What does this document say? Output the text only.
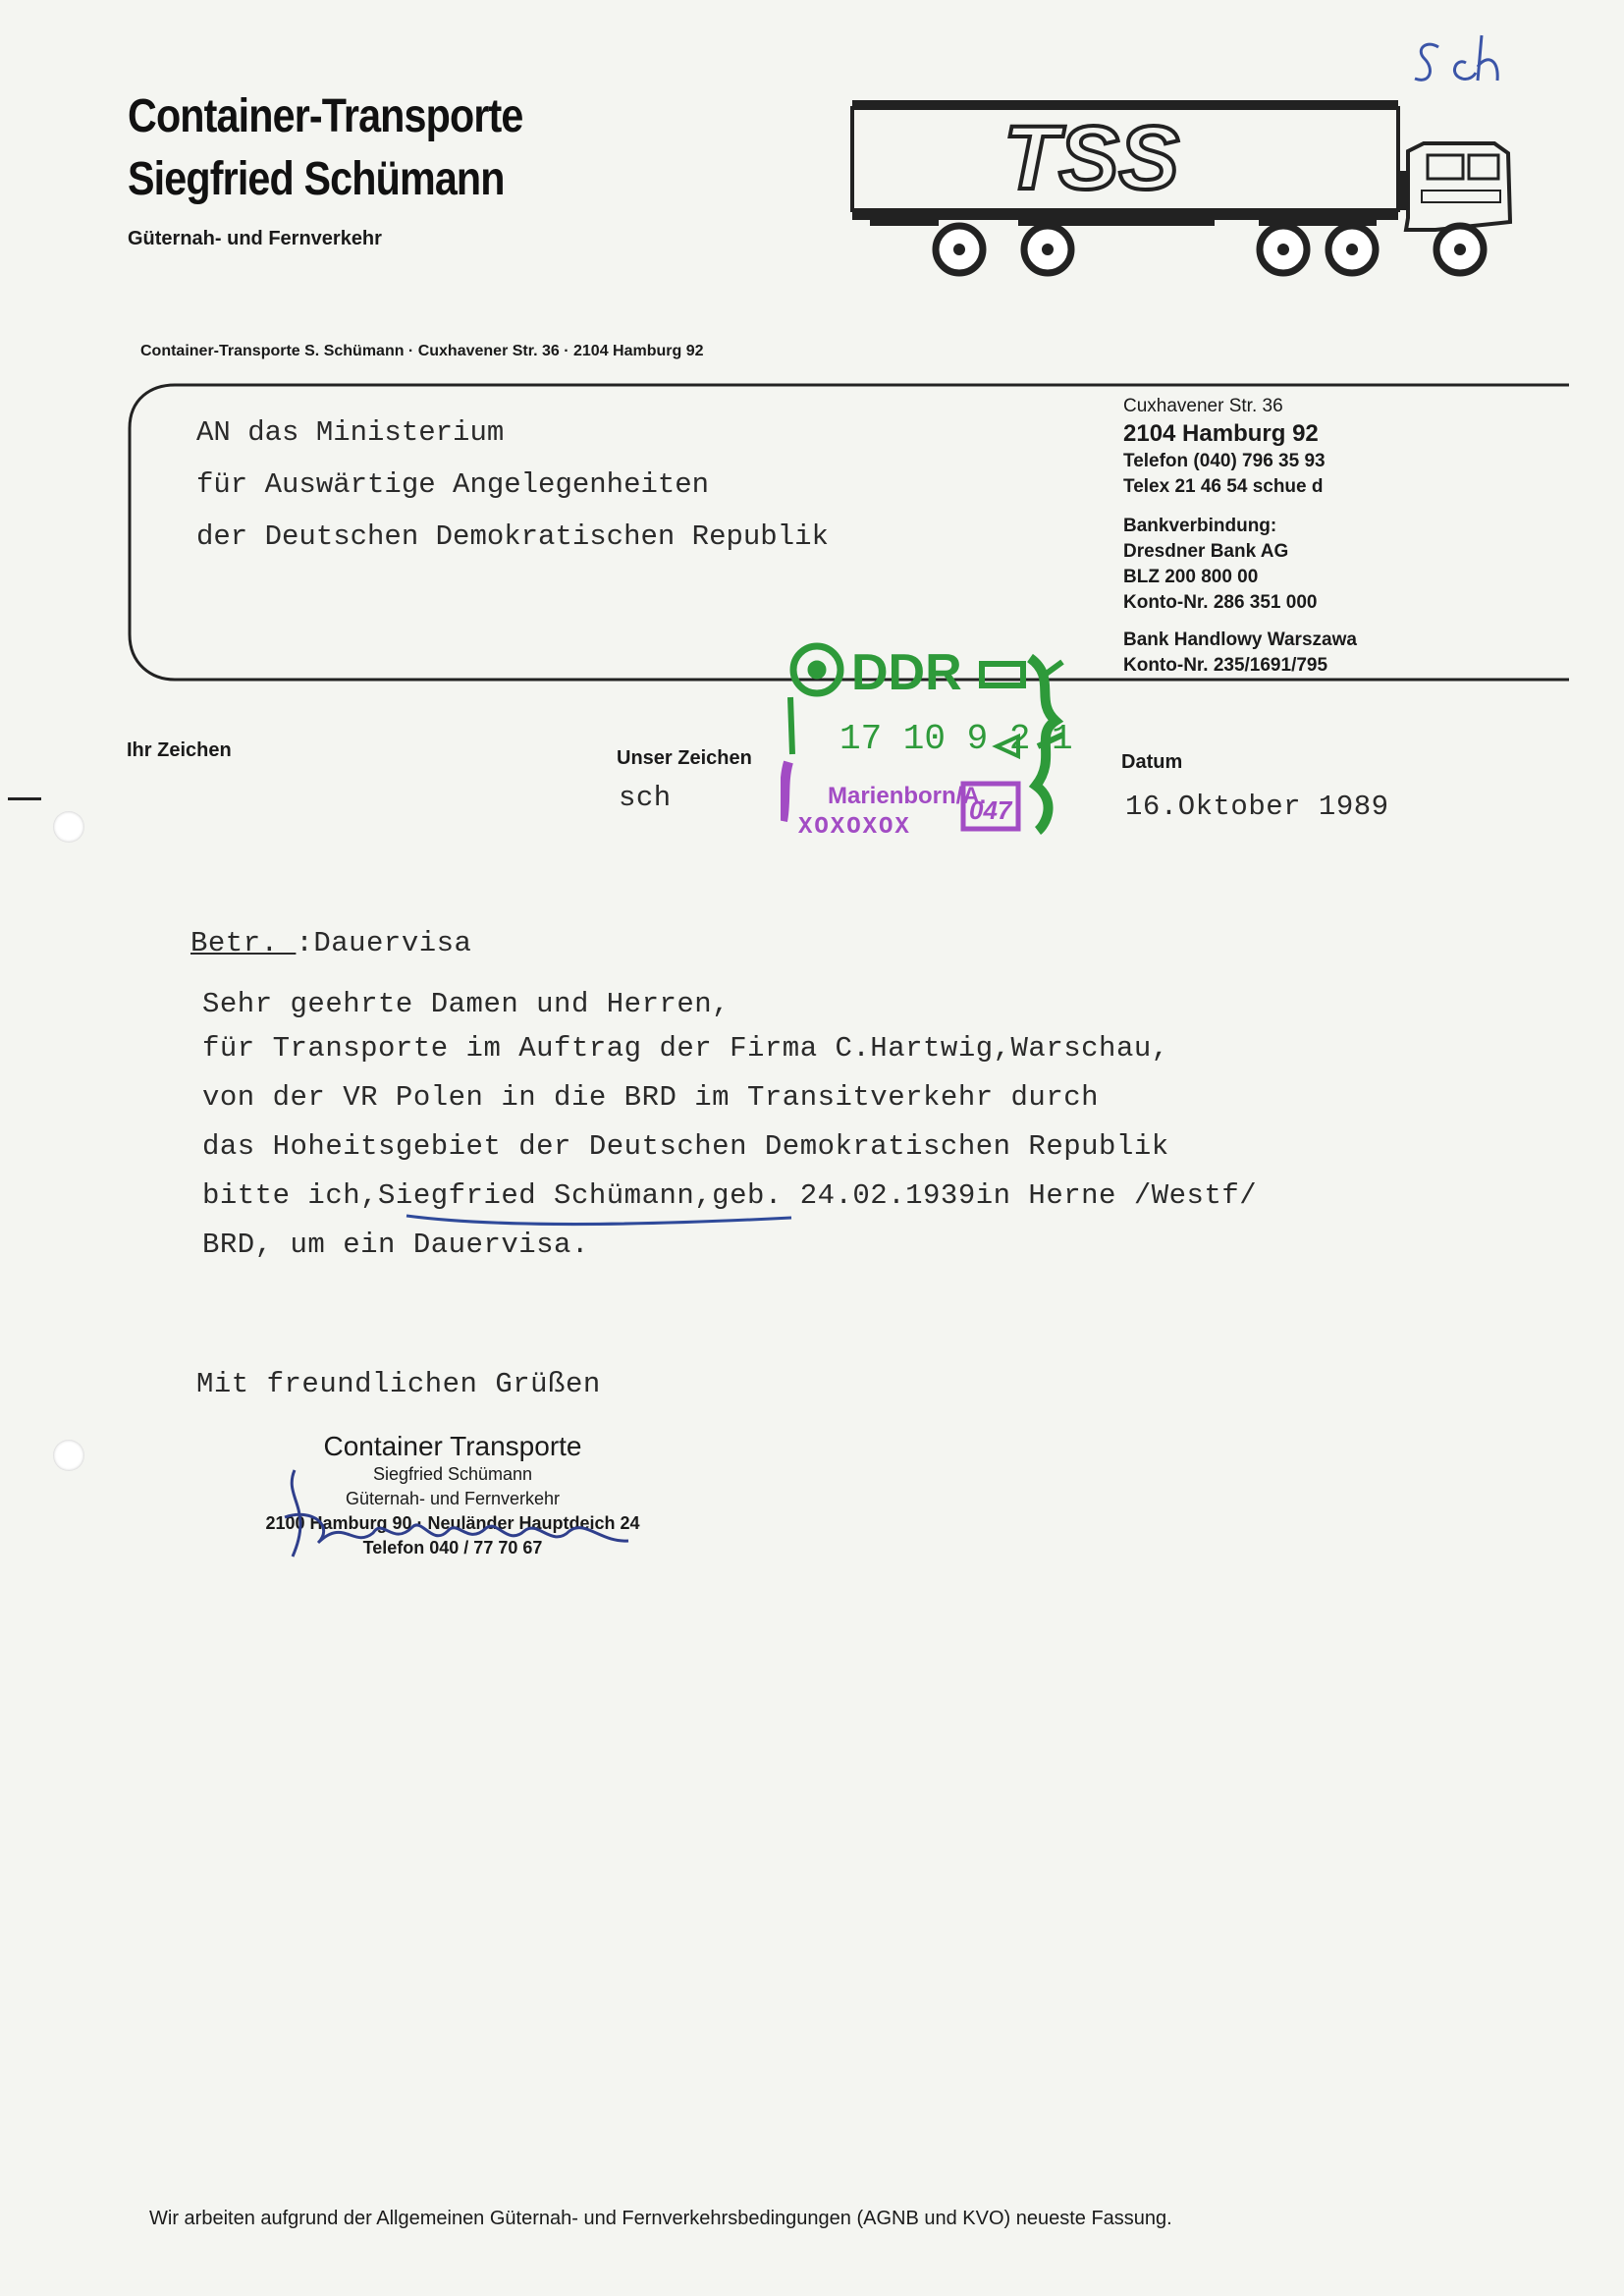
Container-Transporte
Siegfried Schümann
Güternah- und Fernverkehr
TSS
Container-Transporte S. Schümann · Cuxhavener Str. 36 · 2104 Hamburg 92
AN das Ministerium
für Auswärtige Angelegenheiten
der Deutschen Demokratischen Republik
Cuxhavener Str. 36
2104 Hamburg 92
Telefon (040) 796 35 93
Telex 21 46 54 schue d
Bankverbindung:
Dresdner Bank AG
BLZ 200 800 00
Konto-Nr. 286 351 000
Bank Handlowy Warszawa
Konto-Nr. 235/1691/795
DDR
17 10 9 2 1
Marienborn/A.
047
XOXOXOX
Ihr Zeichen	Unser Zeichen
sch
Datum
16.Oktober 1989
Betr. :Dauervisa
Sehr geehrte Damen und Herren,
für Transporte im Auftrag der Firma C.Hartwig,Warschau,
von der VR Polen in die BRD im Transitverkehr durch
das Hoheitsgebiet der Deutschen Demokratischen Republik
bitte ich,Siegfried Schümann,geb. 24.02.1939in Herne /Westf/
BRD, um ein Dauervisa.
Mit freundlichen Grüßen
Container Transporte
Siegfried Schümann
Güternah- und Fernverkehr
2100 Hamburg 90 · Neuländer Hauptdeich 24
Telefon 040 / 77 70 67
Wir arbeiten aufgrund der Allgemeinen Güternah- und Fernverkehrsbedingungen (AGNB und KVO) neueste Fassung.
